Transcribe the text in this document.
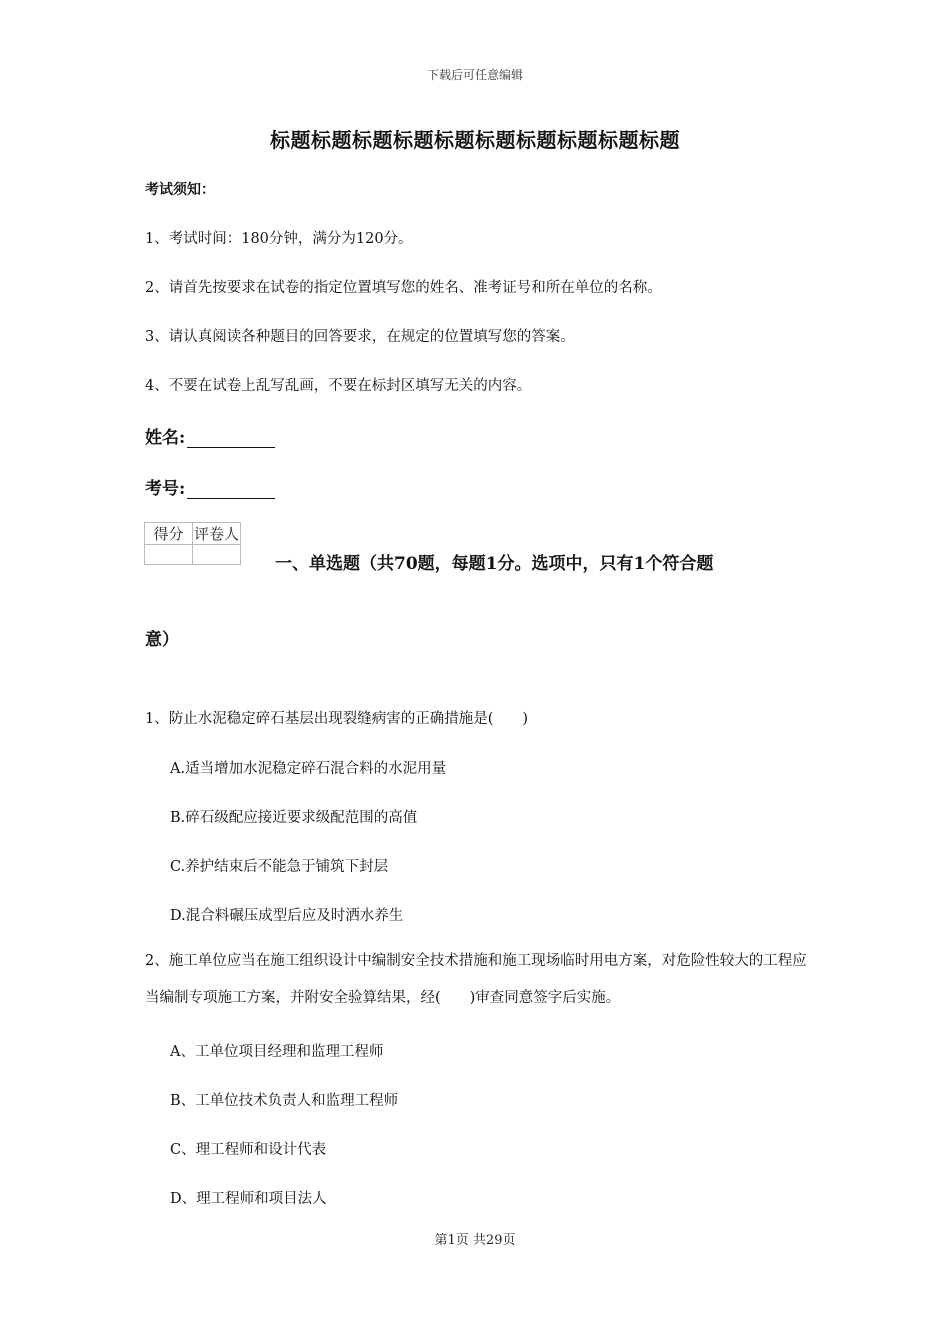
下载后可任意编辑
标题标题标题标题标题标题标题标题标题标题
考试须知：
1、考试时间：180分钟，满分为120分。
2、请首先按要求在试卷的指定位置填写您的姓名、准考证号和所在单位的名称。
3、请认真阅读各种题目的回答要求，在规定的位置填写您的答案。
4、不要在试卷上乱写乱画，不要在标封区填写无关的内容。
姓名:
考号:
得分	评卷人

一、单选题（共70题，每题1分。选项中，只有1个符合题
意）
1、防止水泥稳定碎石基层出现裂缝病害的正确措施是(　　)
A.适当增加水泥稳定碎石混合料的水泥用量
B.碎石级配应接近要求级配范围的高值
C.养护结束后不能急于铺筑下封层
D.混合料碾压成型后应及时洒水养生
2、施工单位应当在施工组织设计中编制安全技术措施和施工现场临时用电方案，对危险性较大的工程应当编制专项施工方案，并附安全验算结果，经(　　)审查同意签字后实施。
A、工单位项目经理和监理工程师
B、工单位技术负责人和监理工程师
C、理工程师和设计代表
D、理工程师和项目法人
第1页 共29页
